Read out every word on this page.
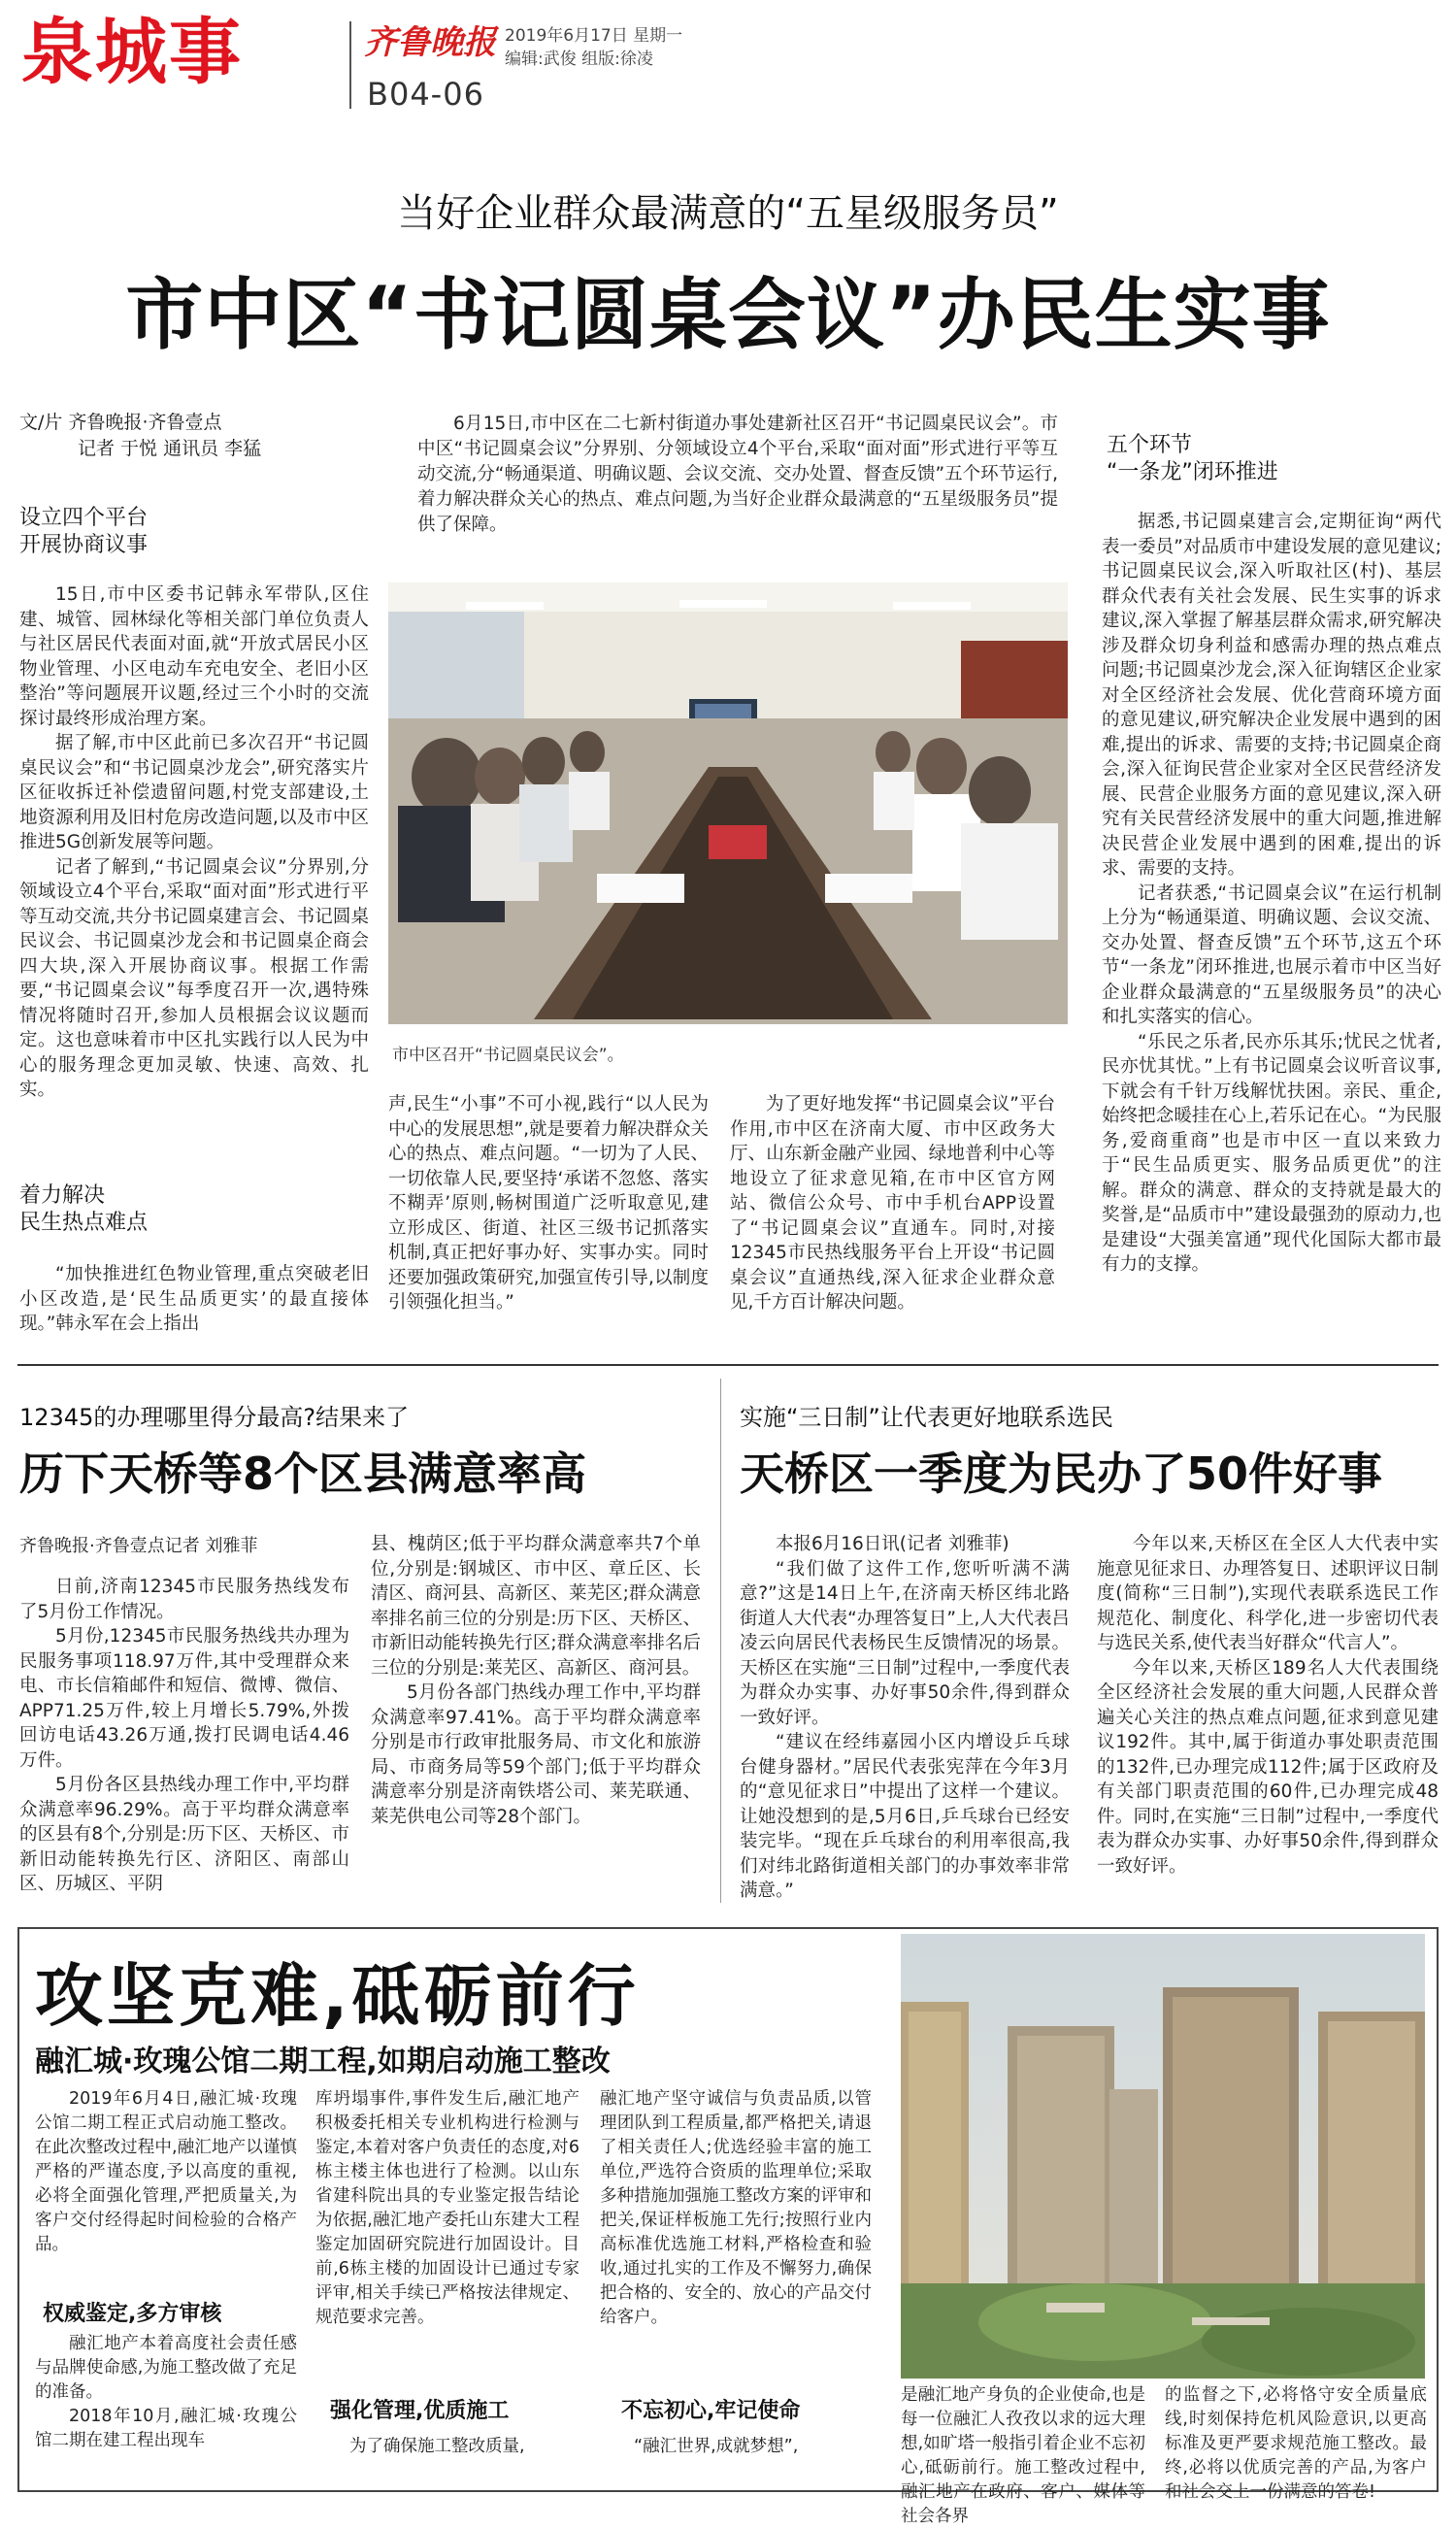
泉城事	齐鲁晚报 2019年6月17日 星期一
编辑:武俊 组版:徐凌
B04-06
当好企业群众最满意的“五星级服务员”
市中区“书记圆桌会议”办民生实事
文/片 齐鲁晚报·齐鲁壹点
记者 于悦 通讯员 李猛
设立四个平台
开展协商议事

15日,市中区委书记韩永军带队,区住建、城管、园林绿化等相关部门单位负责人与社区居民代表面对面,就“开放式居民小区物业管理、小区电动车充电安全、老旧小区整治”等问题展开议题,经过三个小时的交流探讨最终形成治理方案。

据了解,市中区此前已多次召开“书记圆桌民议会”和“书记圆桌沙龙会”,研究落实片区征收拆迁补偿遗留问题,村党支部建设,土地资源利用及旧村危房改造问题,以及市中区推进5G创新发展等问题。

记者了解到,“书记圆桌会议”分界别,分领域设立4个平台,采取“面对面”形式进行平等互动交流,共分书记圆桌建言会、书记圆桌民议会、书记圆桌沙龙会和书记圆桌企商会四大块,深入开展协商议事。根据工作需要,“书记圆桌会议”每季度召开一次,遇特殊情况将随时召开,参加人员根据会议议题而定。这也意味着市中区扎实践行以人民为中心的服务理念更加灵敏、快速、高效、扎实。

着力解决
民生热点难点

“加快推进红色物业管理,重点突破老旧小区改造,是‘民生品质更实’的最直接体现。”韩永军在会上指出

6月15日,市中区在二七新村街道办事处建新社区召开“书记圆桌民议会”。市中区“书记圆桌会议”分界别、分领域设立4个平台,采取“面对面”形式进行平等互动交流,分“畅通渠道、明确议题、会议交流、交办处置、督查反馈”五个环节运行,着力解决群众关心的热点、难点问题,为当好企业群众最满意的“五星级服务员”提供了保障。

市中区召开“书记圆桌民议会”。

声,民生“小事”不可小视,践行“以人民为中心的发展思想”,就是要着力解决群众关心的热点、难点问题。“一切为了人民、一切依靠人民,要坚持‘承诺不忽悠、落实不糊弄’原则,畅树围道广泛听取意见,建立形成区、街道、社区三级书记抓落实机制,真正把好事办好、实事办实。同时还要加强政策研究,加强宣传引导,以制度引领强化担当。”

为了更好地发挥“书记圆桌会议”平台作用,市中区在济南大厦、市中区政务大厅、山东新金融产业园、绿地普利中心等地设立了征求意见箱,在市中区官方网站、微信公众号、市中手机台APP设置了“书记圆桌会议”直通车。同时,对接12345市民热线服务平台上开设“书记圆桌会议”直通热线,深入征求企业群众意见,千方百计解决问题。

五个环节
“一条龙”闭环推进

据悉,书记圆桌建言会,定期征询“两代表一委员”对品质市中建设发展的意见建议;书记圆桌民议会,深入听取社区(村)、基层群众代表有关社会发展、民生实事的诉求建议,深入掌握了解基层群众需求,研究解决涉及群众切身利益和感需办理的热点难点问题;书记圆桌沙龙会,深入征询辖区企业家对全区经济社会发展、优化营商环境方面的意见建议,研究解决企业发展中遇到的困难,提出的诉求、需要的支持;书记圆桌企商会,深入征询民营企业家对全区民营经济发展、民营企业服务方面的意见建议,深入研究有关民营经济发展中的重大问题,推进解决民营企业发展中遇到的困难,提出的诉求、需要的支持。

记者获悉,“书记圆桌会议”在运行机制上分为“畅通渠道、明确议题、会议交流、交办处置、督查反馈”五个环节,这五个环节“一条龙”闭环推进,也展示着市中区当好企业群众最满意的“五星级服务员”的决心和扎实落实的信心。

“乐民之乐者,民亦乐其乐;忧民之忧者,民亦忧其忧。”上有书记圆桌会议听音议事,下就会有千针万线解忧扶困。亲民、重企,始终把念暖挂在心上,若乐记在心。“为民服务,爱商重商”也是市中区一直以来致力于“民生品质更实、服务品质更优”的注解。群众的满意、群众的支持就是最大的奖誉,是“品质市中”建设最强劲的原动力,也是建设“大强美富通”现代化国际大都市最有力的支撑。

12345的办理哪里得分最高?结果来了
历下天桥等8个区县满意率高
齐鲁晚报·齐鲁壹点记者 刘雅菲

日前,济南12345市民服务热线发布了5月份工作情况。

5月份,12345市民服务热线共办理为民服务事项118.97万件,其中受理群众来电、市长信箱邮件和短信、微博、微信、APP71.25万件,较上月增长5.79%,外拨回访电话43.26万通,拨打民调电话4.46万件。

5月份各区县热线办理工作中,平均群众满意率96.29%。高于平均群众满意率的区县有8个,分别是:历下区、天桥区、市新旧动能转换先行区、济阳区、南部山区、历城区、平阴

县、槐荫区;低于平均群众满意率共7个单位,分别是:钢城区、市中区、章丘区、长清区、商河县、高新区、莱芜区;群众满意率排名前三位的分别是:历下区、天桥区、市新旧动能转换先行区;群众满意率排名后三位的分别是:莱芜区、高新区、商河县。

5月份各部门热线办理工作中,平均群众满意率97.41%。高于平均群众满意率分别是市行政审批服务局、市文化和旅游局、市商务局等59个部门;低于平均群众满意率分别是济南铁塔公司、莱芜联通、莱芜供电公司等28个部门。

实施“三日制”让代表更好地联系选民
天桥区一季度为民办了50件好事

本报6月16日讯(记者 刘雅菲)

“我们做了这件工作,您听听满不满意?”这是14日上午,在济南天桥区纬北路街道人大代表“办理答复日”上,人大代表吕凌云向居民代表杨民生反馈情况的场景。天桥区在实施“三日制”过程中,一季度代表为群众办实事、办好事50余件,得到群众一致好评。

“建议在经纬嘉园小区内增设乒乓球台健身器材。”居民代表张宪萍在今年3月的“意见征求日”中提出了这样一个建议。让她没想到的是,5月6日,乒乓球台已经安装完毕。“现在乒乓球台的利用率很高,我们对纬北路街道相关部门的办事效率非常满意。”

今年以来,天桥区在全区人大代表中实施意见征求日、办理答复日、述职评议日制度(简称“三日制”),实现代表联系选民工作规范化、制度化、科学化,进一步密切代表与选民关系,使代表当好群众“代言人”。

今年以来,天桥区189名人大代表围绕全区经济社会发展的重大问题,人民群众普遍关心关注的热点难点问题,征求到意见建议192件。其中,属于街道办事处职责范围的132件,已办理完成112件;属于区政府及有关部门职责范围的60件,已办理完成48件。同时,在实施“三日制”过程中,一季度代表为群众办实事、办好事50余件,得到群众一致好评。

攻坚克难,砥砺前行
融汇城·玫瑰公馆二期工程,如期启动施工整改

2019年6月4日,融汇城·玫瑰公馆二期工程正式启动施工整改。在此次整改过程中,融汇地产以谨慎严格的严谨态度,予以高度的重视,必将全面强化管理,严把质量关,为客户交付经得起时间检验的合格产品。

权威鉴定,多方审核

融汇地产本着高度社会责任感与品牌使命感,为施工整改做了充足的准备。

2018年10月,融汇城·玫瑰公馆二期在建工程出现车

库坍塌事件,事件发生后,融汇地产积极委托相关专业机构进行检测与鉴定,本着对客户负责任的态度,对6栋主楼主体也进行了检测。以山东省建科院出具的专业鉴定报告结论为依据,融汇地产委托山东建大工程鉴定加固研究院进行加固设计。目前,6栋主楼的加固设计已通过专家评审,相关手续已严格按法律规定、规范要求完善。

强化管理,优质施工

为了确保施工整改质量,

融汇地产坚守诚信与负责品质,以管理团队到工程质量,都严格把关,请退了相关责任人;优选经验丰富的施工单位,严选符合资质的监理单位;采取多种措施加强施工整改方案的评审和把关,保证样板施工先行;按照行业内高标准优选施工材料,严格检查和验收,通过扎实的工作及不懈努力,确保把合格的、安全的、放心的产品交付给客户。

不忘初心,牢记使命

“融汇世界,成就梦想”,

是融汇地产身负的企业使命,也是每一位融汇人孜孜以求的远大理想,如旷塔一般指引着企业不忘初心,砥砺前行。施工整改过程中,融汇地产在政府、客户、媒体等社会各界

的监督之下,必将恪守安全质量底线,时刻保持危机风险意识,以更高标准及更严要求规范施工整改。最终,必将以优质完善的产品,为客户和社会交上一份满意的答卷!
